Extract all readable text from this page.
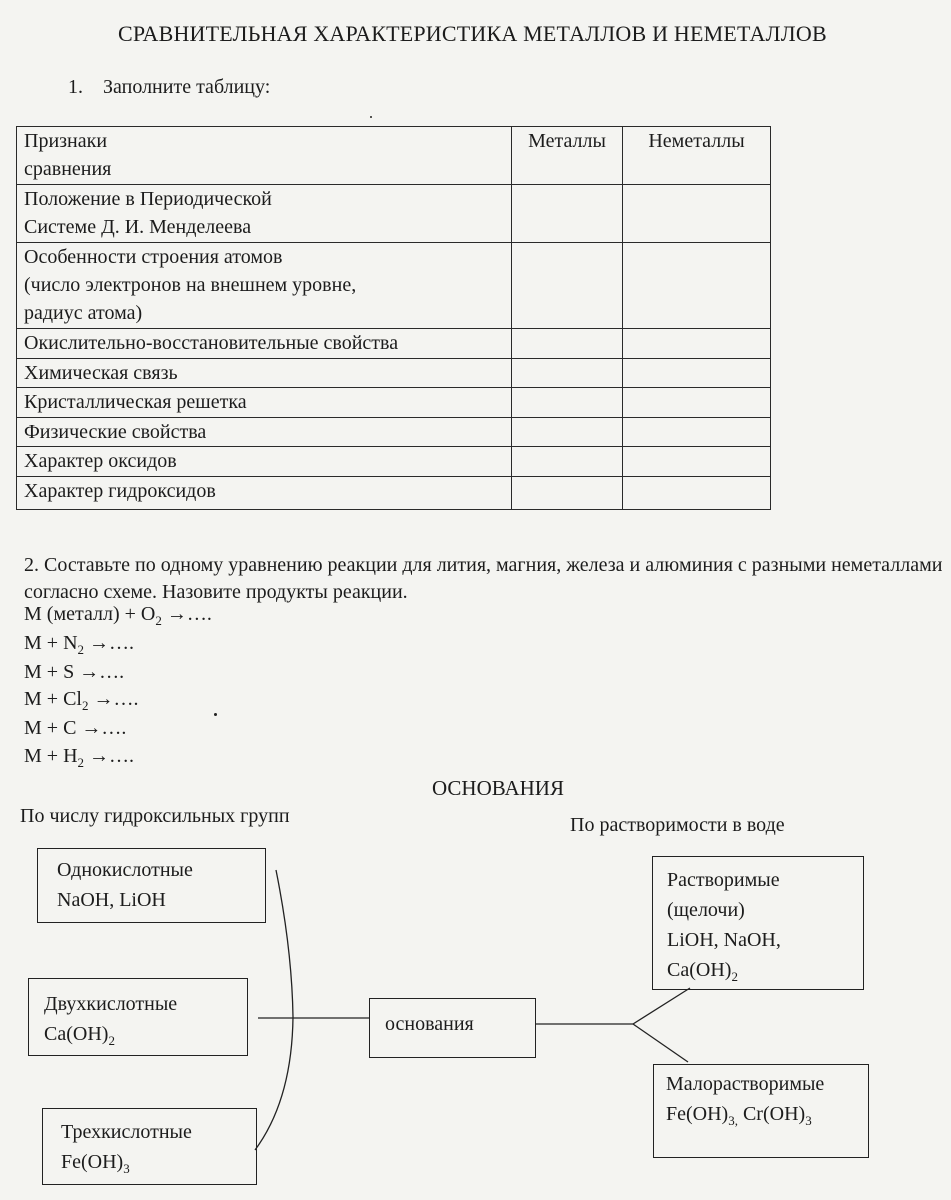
СРАВНИТЕЛЬНАЯ ХАРАКТЕРИСТИКА МЕТАЛЛОВ И НЕМЕТАЛЛОВ
1. Заполните таблицу:
Признаки
сравнения	Металлы	Неметаллы

Положение в Периодической
Системе Д. И. Менделеева		

Особенности строения атомов
(число электронов на внешнем уровне,
радиус атома)		

Окислительно-восстановительные свойства		
Химическая связь		
Кристаллическая решетка		
Физические свойства		
Характер оксидов		
Характер гидроксидов		
2. Составьте по одному уравнению реакции для лития, магния, железа и алюминия с разными неметаллами согласно схеме. Назовите продукты реакции.
М (металл) + $О_2$ →….
$М + N_2$ →….
М + S →….
$М + Cl_2$ →….
М + С →….
$М + Н_2$ →….
ОСНОВАНИЯ
По числу гидроксильных групп	По растворимости в воде
Однокислотные
NaOH, LiOH
Двухкислотные
$Ca(OH)_2$
Трехкислотные
$Fe(OH)_3$
основания
Растворимые
(щелочи)
LiOH, NaOH,
$Ca(OH)_2$
Малорастворимые
$Fe(OH)_{3,}$ $Cr(OH)_3$
